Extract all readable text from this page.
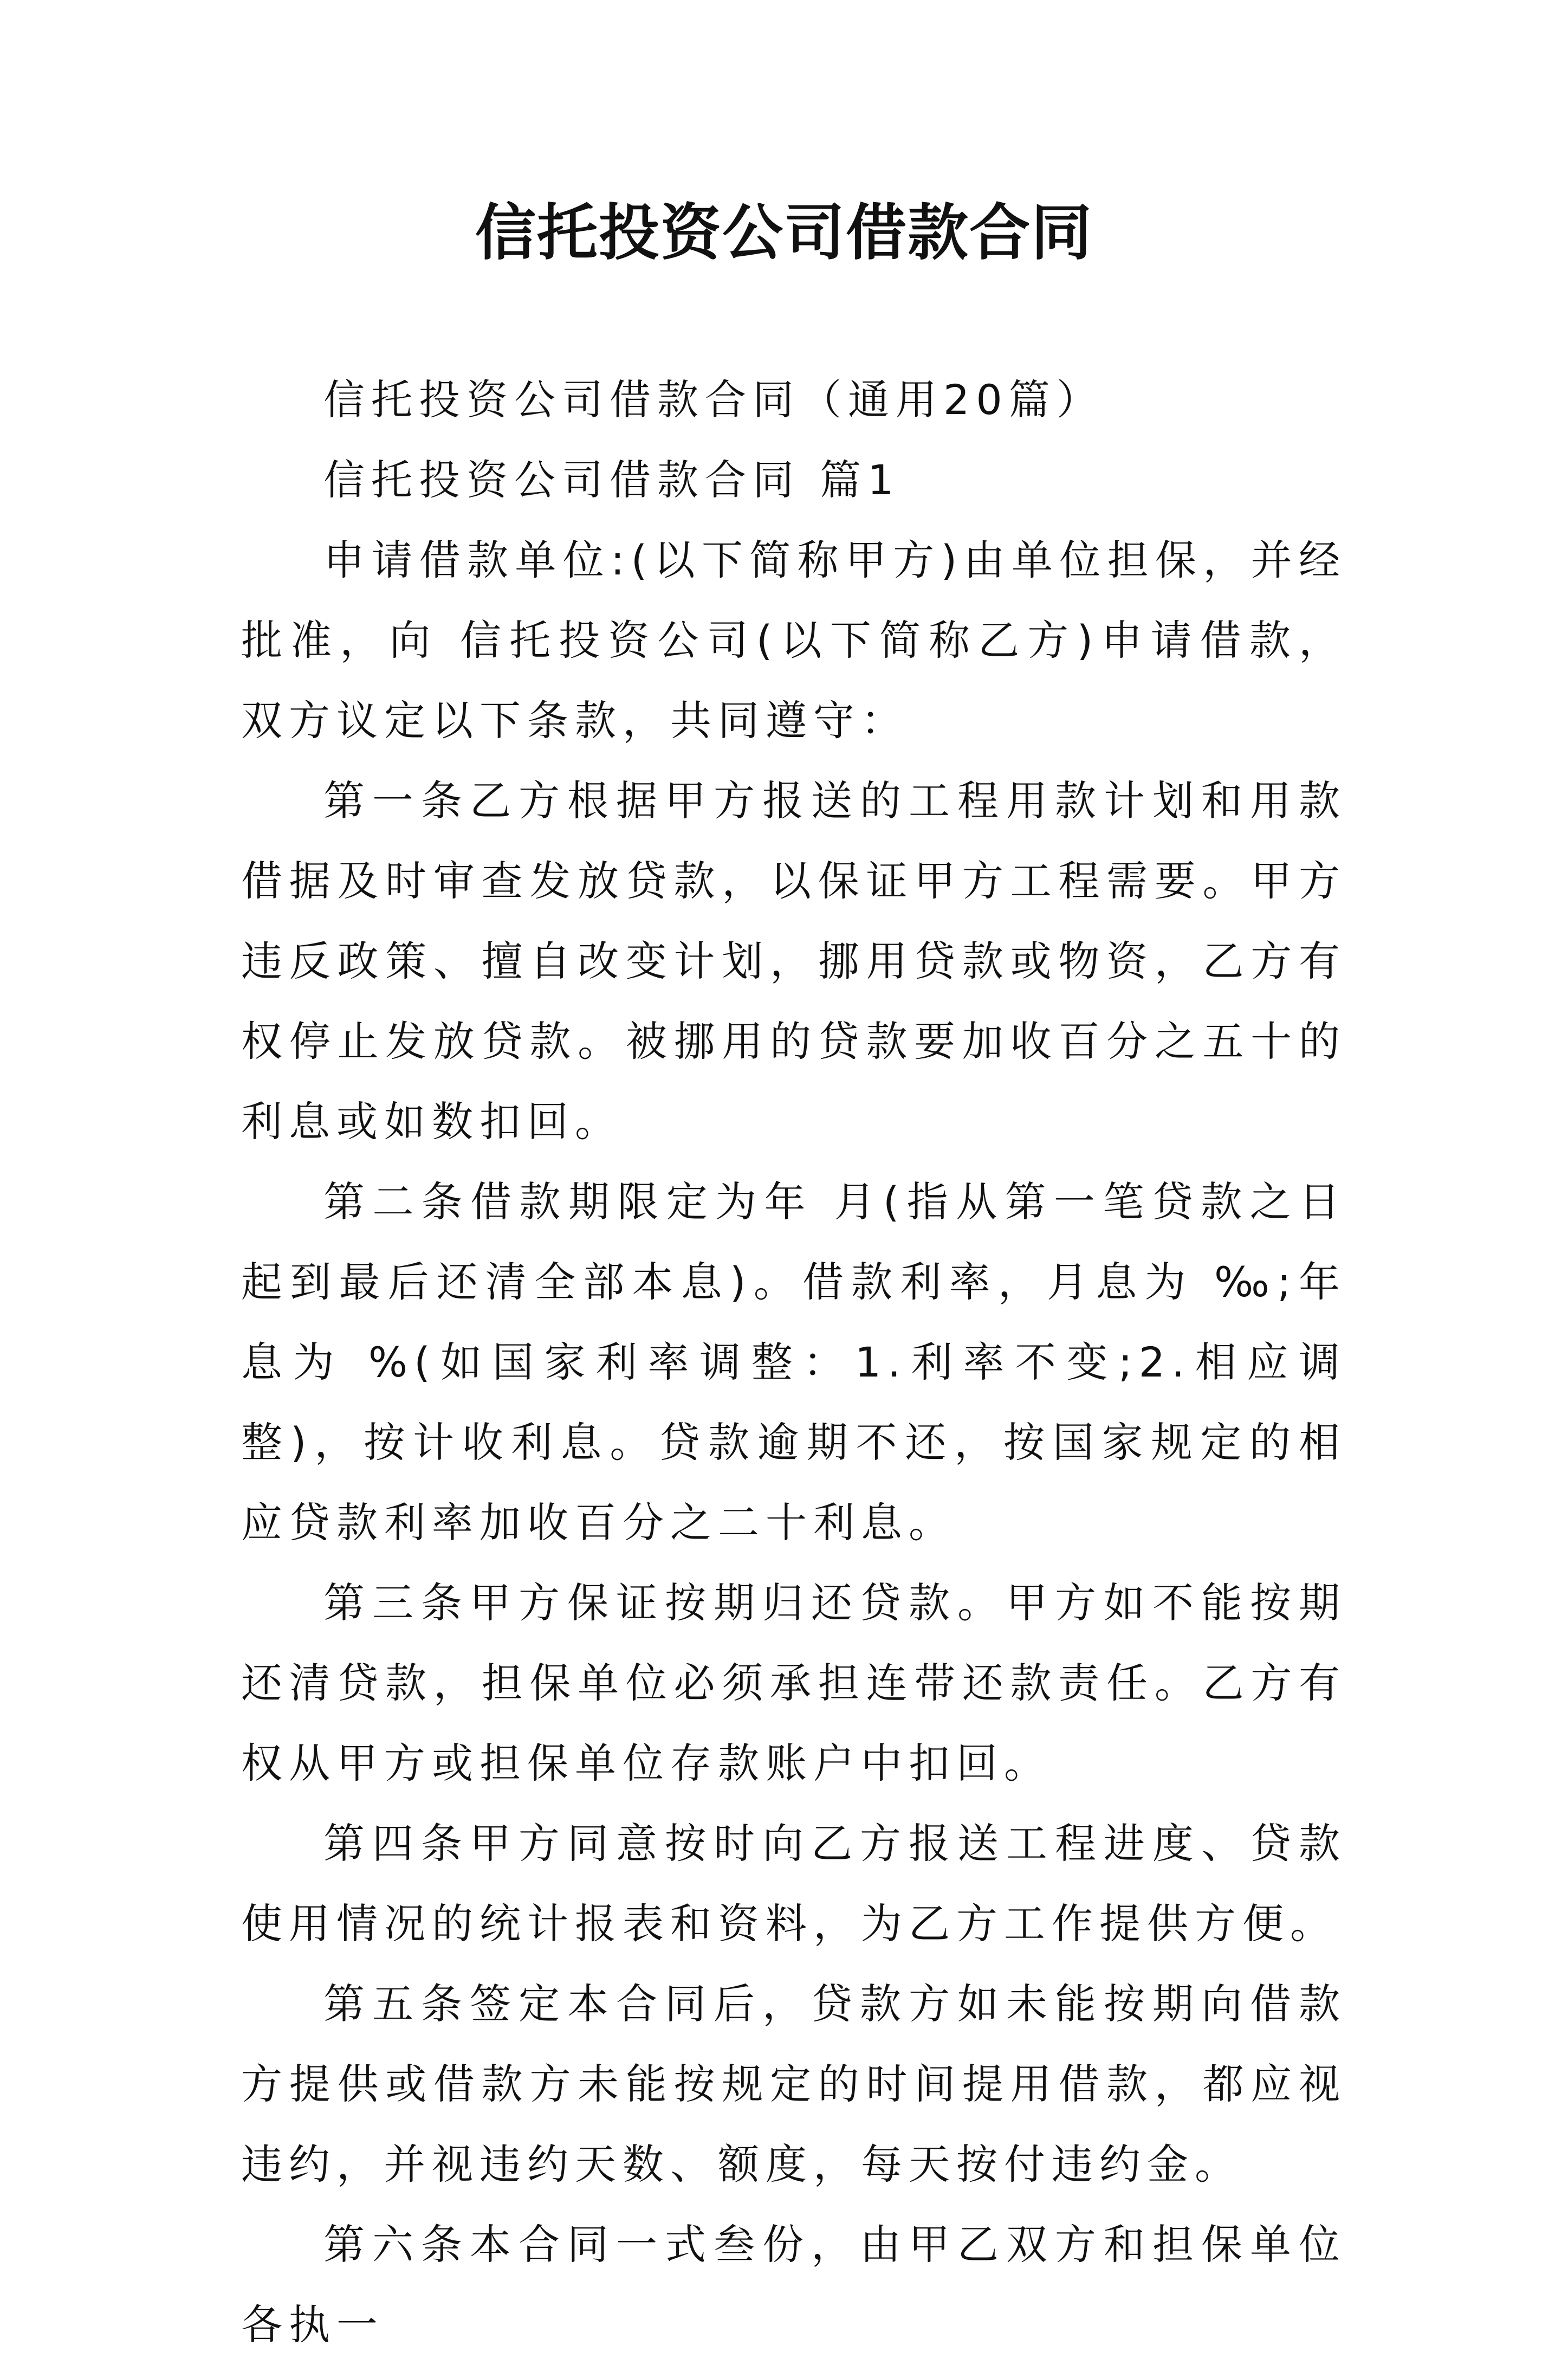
信托投资公司借款合同

信托投资公司借款合同（通用20篇）

信托投资公司借款合同 篇1

申请借款单位:(以下简称甲方)由单位担保，并经批准，向 信托投资公司(以下简称乙方)申请借款，双方议定以下条款，共同遵守：

第一条乙方根据甲方报送的工程用款计划和用款借据及时审查发放贷款，以保证甲方工程需要。甲方违反政策、擅自改变计划，挪用贷款或物资，乙方有权停止发放贷款。被挪用的贷款要加收百分之五十的利息或如数扣回。

第二条借款期限定为年 月(指从第一笔贷款之日起到最后还清全部本息)。借款利率，月息为 ‰;年息为 %(如国家利率调整：1.利率不变;2.相应调整)，按计收利息。贷款逾期不还，按国家规定的相应贷款利率加收百分之二十利息。

第三条甲方保证按期归还贷款。甲方如不能按期还清贷款，担保单位必须承担连带还款责任。乙方有权从甲方或担保单位存款账户中扣回。

第四条甲方同意按时向乙方报送工程进度、贷款使用情况的统计报表和资料，为乙方工作提供方便。

第五条签定本合同后，贷款方如未能按期向借款方提供或借款方未能按规定的时间提用借款，都应视违约，并视违约天数、额度，每天按付违约金。

第六条本合同一式叁份，由甲乙双方和担保单位各执一
